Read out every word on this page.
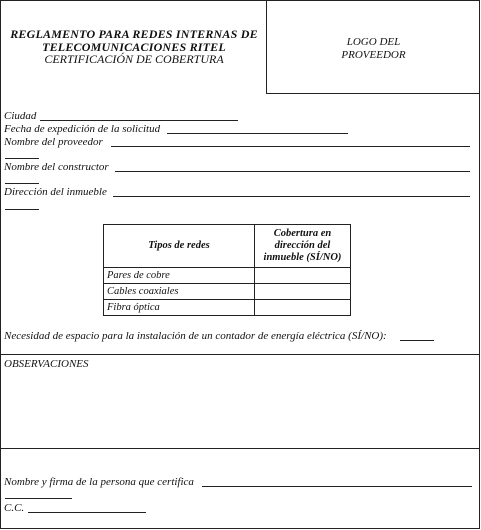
REGLAMENTO PARA REDES INTERNAS DE
TELECOMUNICACIONES RITEL
CERTIFICACIÓN DE COBERTURA
LOGO DEL
PROVEEDOR
Ciudad
Fecha de expedición de la solicitud
Nombre del proveedor
Nombre del constructor
Dirección del inmueble
Tipos de redes	Cobertura en
dirección del
inmueble (SÍ/NO)

Pares de cobre	
Cables coaxiales	
Fibra óptica	
Necesidad de espacio para la instalación de un contador de energía eléctrica (SÍ/NO):
OBSERVACIONES
Nombre y firma de la persona que certifica
C.C.
